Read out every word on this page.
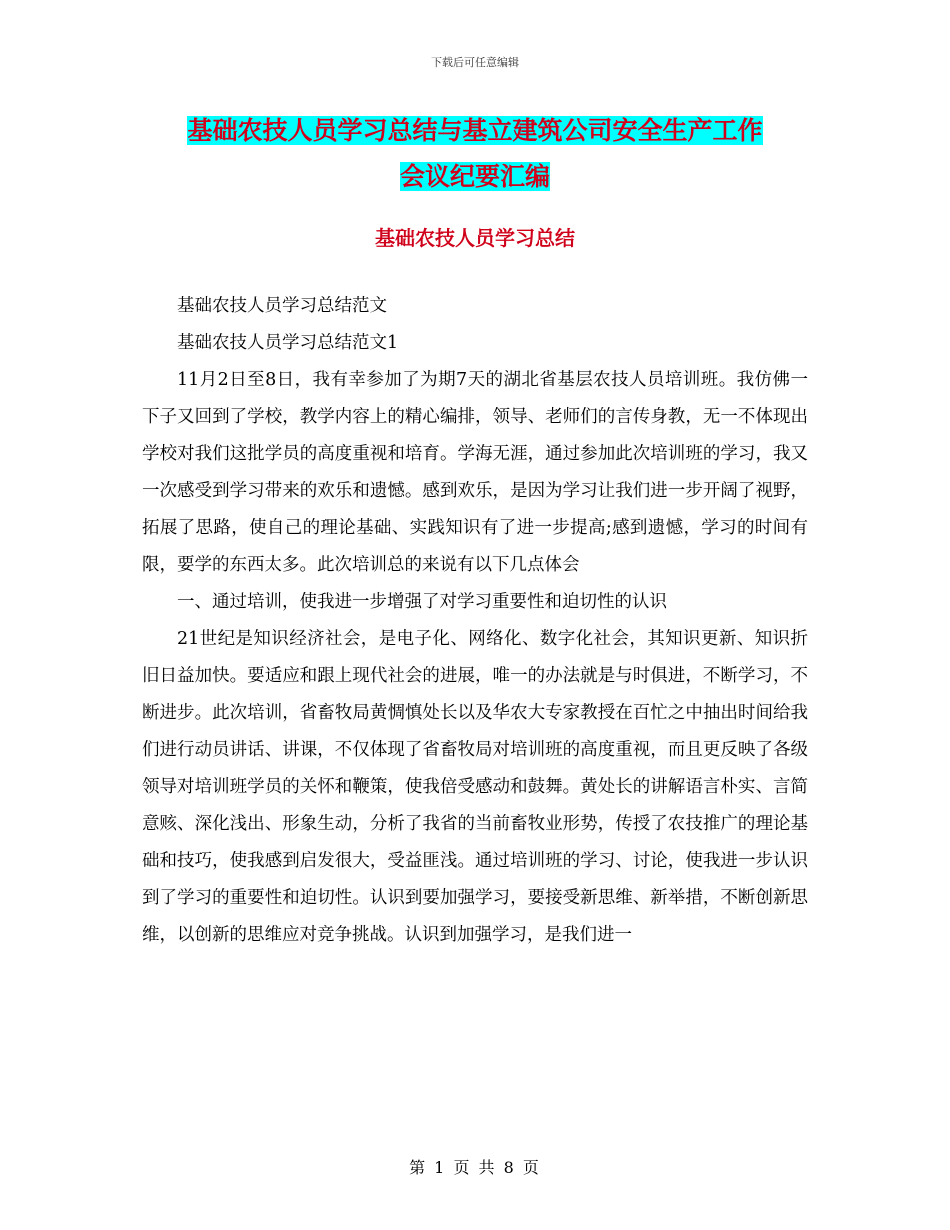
下载后可任意编辑
基础农技人员学习总结与基立建筑公司安全生产工作
会议纪要汇编
基础农技人员学习总结

基础农技人员学习总结范文

基础农技人员学习总结范文1

11月2日至8日，我有幸参加了为期7天的湖北省基层农技人员培训班。我仿佛一下子又回到了学校，教学内容上的精心编排，领导、老师们的言传身教，无一不体现出学校对我们这批学员的高度重视和培育。学海无涯，通过参加此次培训班的学习，我又一次感受到学习带来的欢乐和遗憾。感到欢乐，是因为学习让我们进一步开阔了视野，拓展了思路，使自己的理论基础、实践知识有了进一步提高;感到遗憾，学习的时间有限，要学的东西太多。此次培训总的来说有以下几点体会

一、通过培训，使我进一步增强了对学习重要性和迫切性的认识

21世纪是知识经济社会，是电子化、网络化、数字化社会，其知识更新、知识折旧日益加快。要适应和跟上现代社会的进展，唯一的办法就是与时俱进，不断学习，不断进步。此次培训，省畜牧局黄惆慎处长以及华农大专家教授在百忙之中抽出时间给我们进行动员讲话、讲课，不仅体现了省畜牧局对培训班的高度重视，而且更反映了各级领导对培训班学员的关怀和鞭策，使我倍受感动和鼓舞。黄处长的讲解语言朴实、言简意赅、深化浅出、形象生动，分析了我省的当前畜牧业形势，传授了农技推广的理论基础和技巧，使我感到启发很大，受益匪浅。通过培训班的学习、讨论，使我进一步认识到了学习的重要性和迫切性。认识到要加强学习，要接受新思维、新举措，不断创新思维，以创新的思维应对竞争挑战。认识到加强学习，是我们进一

第 1 页 共 8 页
